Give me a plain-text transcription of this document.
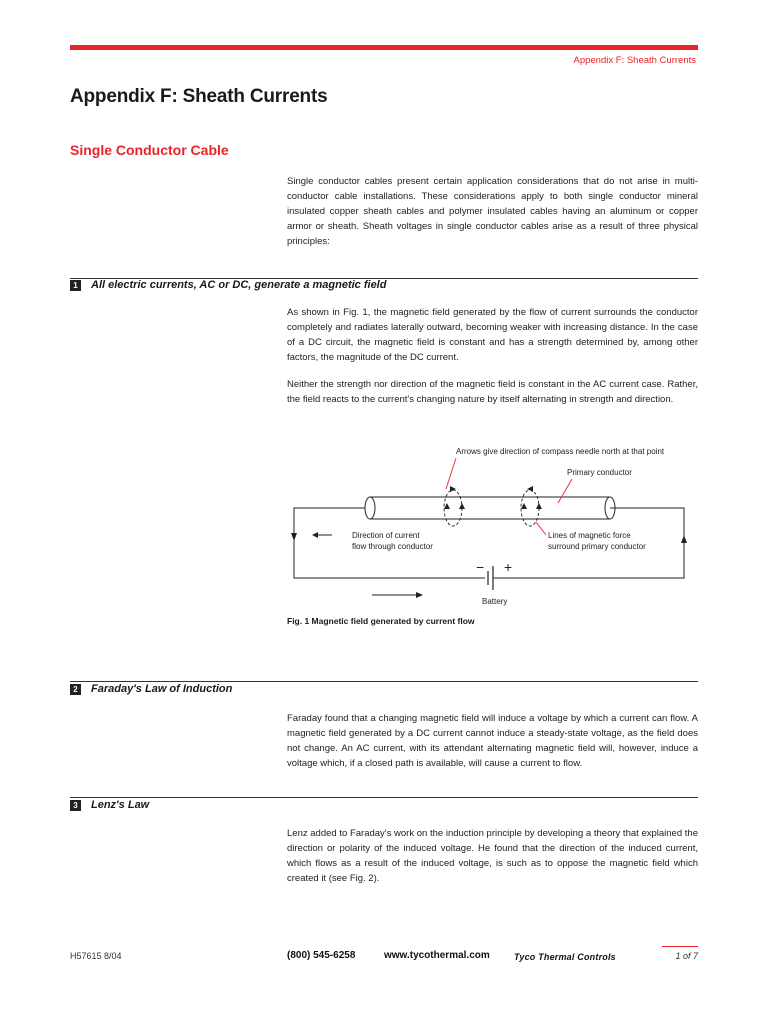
Appendix F: Sheath Currents
Appendix F: Sheath Currents
Single Conductor Cable

Single conductor cables present certain application considerations that do not arise in multi-conductor cable installations. These considerations apply to both single conductor mineral insulated copper sheath cables and polymer insulated cables having an aluminum or copper armor or sheath. Sheath voltages in single conductor cables arise as a result of three physical principles:

1 All electric currents, AC or DC, generate a magnetic field

As shown in Fig. 1, the magnetic field generated by the flow of current surrounds the conductor completely and radiates laterally outward, becoming weaker with increasing distance. In the case of a DC circuit, the magnetic field is constant and has a strength determined by, among other factors, the magnitude of the DC current.

Neither the strength nor direction of the magnetic field is constant in the AC current case. Rather, the field reacts to the current's changing nature by itself alternating in strength and direction.

Arrows give direction of compass needle north at that point
Primary conductor
Direction of current
flow through conductor
Lines of magnetic force
surround primary conductor
Battery
− +
Fig. 1 Magnetic field generated by current flow
2 Faraday's Law of Induction

Faraday found that a changing magnetic field will induce a voltage by which a current can flow. A magnetic field generated by a DC current cannot induce a steady-state voltage, as the field does not change. An AC current, with its attendant alternating magnetic field will, however, induce a voltage which, if a closed path is available, will cause a current to flow.

3 Lenz's Law

Lenz added to Faraday's work on the induction principle by developing a theory that explained the direction or polarity of the induced voltage. He found that the direction of the induced current, which flows as a result of the induced voltage, is such as to oppose the magnetic field which created it (see Fig. 2).

H57615 8/04	(800) 545-6258	www.tycothermal.com	Tyco Thermal Controls	1 of 7
